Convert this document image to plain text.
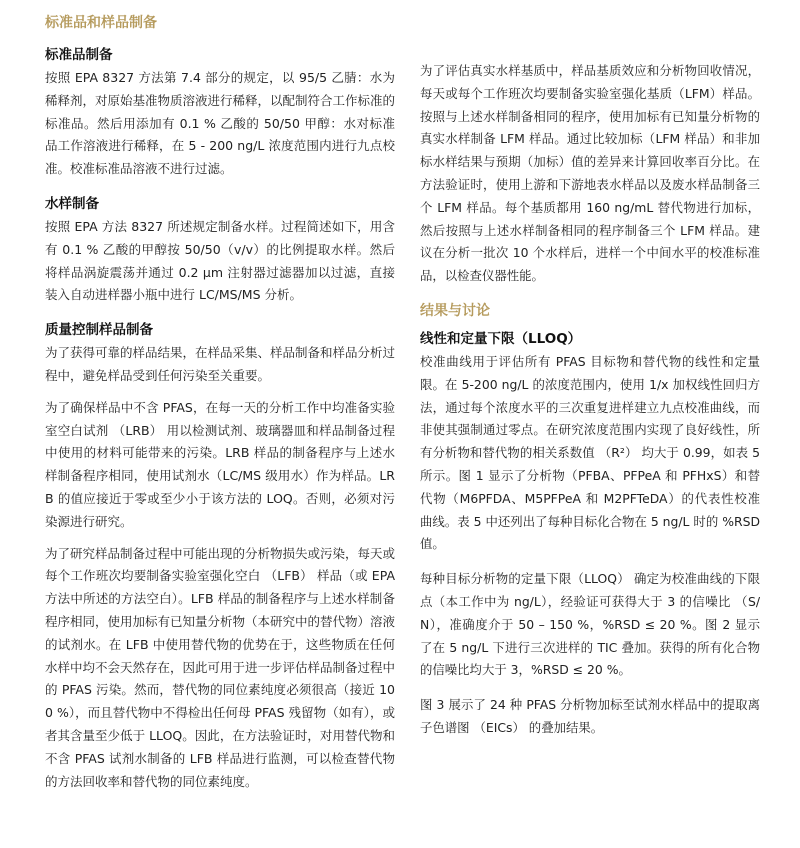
标准品和样品制备
标准品制备

按照 EPA 8327 方法第 7.4 部分的规定，以 95/5 乙腈：水为稀释剂，对原始基准物质溶液进行稀释，以配制符合工作标准的标准品。然后用添加有 0.1 % 乙酸的 50/50 甲醇：水对标准品工作溶液进行稀释，在 5 - 200 ng/L 浓度范围内进行九点校准。校准标准品溶液不进行过滤。

水样制备

按照 EPA 方法 8327 所述规定制备水样。过程简述如下，用含有 0.1 % 乙酸的甲醇按 50/50（v/v）的比例提取水样。然后将样品涡旋震荡并通过 0.2 µm 注射器过滤器加以过滤，直接装入自动进样器小瓶中进行 LC/MS/MS 分析。

质量控制样品制备

为了获得可靠的样品结果，在样品采集、样品制备和样品分析过程中，避免样品受到任何污染至关重要。

为了确保样品中不含 PFAS，在每一天的分析工作中均准备实验室空白试剂 （LRB） 用以检测试剂、玻璃器皿和样品制备过程中使用的材料可能带来的污染。LRB 样品的制备程序与上述水样制备程序相同，使用试剂水（LC/MS 级用水）作为样品。LRB 的值应接近于零或至少小于该方法的 LOQ。否则，必须对污染源进行研究。

为了研究样品制备过程中可能出现的分析物损失或污染，每天或每个工作班次均要制备实验室强化空白 （LFB） 样品（或 EPA 方法中所述的方法空白）。LFB 样品的制备程序与上述水样制备程序相同，使用加标有已知量分析物（本研究中的替代物）溶液的试剂水。在 LFB 中使用替代物的优势在于，这些物质在任何水样中均不会天然存在，因此可用于进一步评估样品制备过程中的 PFAS 污染。然而，替代物的同位素纯度必须很高（接近 100 %），而且替代物中不得检出任何母 PFAS 残留物（如有），或者其含量至少低于 LLOQ。因此，在方法验证时，对用替代物和不含 PFAS 试剂水制备的 LFB 样品进行监测，可以检查替代物的方法回收率和替代物的同位素纯度。

为了评估真实水样基质中，样品基质效应和分析物回收情况，每天或每个工作班次均要制备实验室强化基质（LFM）样品。按照与上述水样制备相同的程序，使用加标有已知量分析物的真实水样制备 LFM 样品。通过比较加标（LFM 样品）和非加标水样结果与预期（加标）值的差异来计算回收率百分比。在方法验证时，使用上游和下游地表水样品以及废水样品制备三个 LFM 样品。每个基质都用 160 ng/mL 替代物进行加标，然后按照与上述水样制备相同的程序制备三个 LFM 样品。建议在分析一批次 10 个水样后，进样一个中间水平的校准标准品，以检查仪器性能。

结果与讨论
线性和定量下限（LLOQ）

校准曲线用于评估所有 PFAS 目标物和替代物的线性和定量限。在 5-200 ng/L 的浓度范围内，使用 1/x 加权线性回归方法，通过每个浓度水平的三次重复进样建立九点校准曲线，而非使其强制通过零点。在研究浓度范围内实现了良好线性，所有分析物和替代物的相关系数值 （R²） 均大于 0.99，如表 5 所示。图 1 显示了分析物（PFBA、PFPeA 和 PFHxS）和替代物（M6PFDA、M5PFPeA 和 M2PFTeDA）的代表性校准曲线。表 5 中还列出了每种目标化合物在 5 ng/L 时的 %RSD 值。

每种目标分析物的定量下限（LLOQ） 确定为校准曲线的下限点（本工作中为 ng/L），经验证可获得大于 3 的信噪比 （S/N），准确度介于 50 – 150 %，%RSD ≤ 20 %。图 2 显示了在 5 ng/L 下进行三次进样的 TIC 叠加。获得的所有化合物的信噪比均大于 3，%RSD ≤ 20 %。

图 3 展示了 24 种 PFAS 分析物加标至试剂水样品中的提取离子色谱图 （EICs） 的叠加结果。
